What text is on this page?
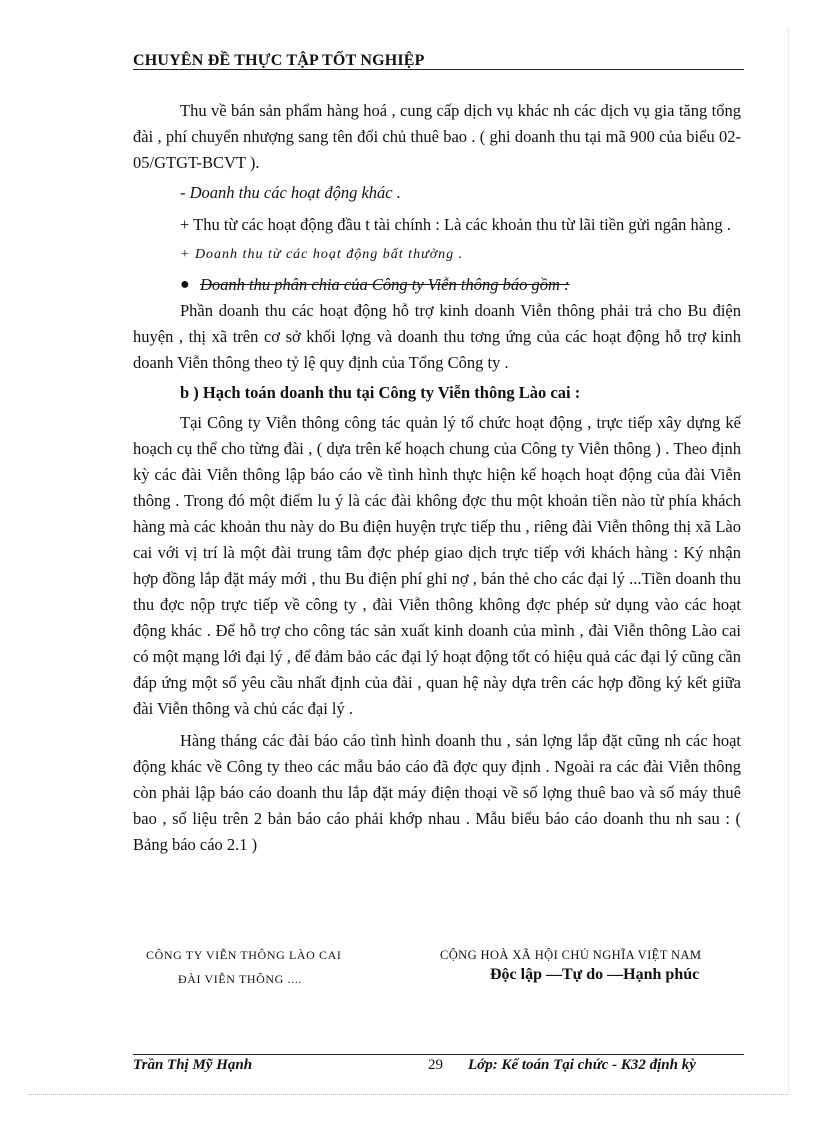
CHUYÊN ĐỀ THỰC TẬP TỐT NGHIỆP

Thu về bán sản phẩm hàng hoá , cung cấp dịch vụ khác nh các dịch vụ gia tăng tổng đài , phí chuyển nhượng sang tên đổi chủ thuê bao . ( ghi doanh thu tại mã 900 của biểu 02-05/GTGT-BCVT ).

- Doanh thu các hoạt động khác .

+ Thu từ các hoạt động đầu t tài chính : Là các khoản thu từ lãi tiền gửi ngân hàng .

+ Doanh thu từ các hoạt động bất thường .

● Doanh thu phân chia của Công ty Viễn thông báo gồm :

Phần doanh thu các hoạt động hỗ trợ kinh doanh Viễn thông phải trả cho Bu điện huyện , thị xã trên cơ sở khối lợng và doanh thu tơng ứng của các hoạt động hỗ trợ kinh doanh Viễn thông theo tỷ lệ quy định của Tổng Công ty .

b ) Hạch toán doanh thu tại Công ty Viễn thông Lào cai :

Tại Công ty Viễn thông công tác quản lý tổ chức hoạt động , trực tiếp xây dựng kế hoạch cụ thể cho từng đài , ( dựa trên kế hoạch chung của Công ty Viễn thông ) . Theo định kỳ các đài Viễn thông lập báo cáo về tình hình thực hiện kế hoạch hoạt động của đài Viễn thông . Trong đó một điểm lu ý là các đài không đợc thu một khoản tiền nào từ phía khách hàng mà các khoản thu này do Bu điện huyện trực tiếp thu , riêng đài Viễn thông thị xã Lào cai với vị trí là một đài trung tâm đợc phép giao dịch trực tiếp với khách hàng : Ký nhận hợp đồng lắp đặt máy mới , thu Bu điện phí ghi nợ , bán thẻ cho các đại lý ...Tiền doanh thu thu đợc nộp trực tiếp về công ty , đài Viễn thông không đợc phép sử dụng vào các hoạt động khác . Để hỗ trợ cho công tác sản xuất kinh doanh của mình , đài Viễn thông Lào cai có một mạng lới đại lý , để đảm bảo các đại lý hoạt động tốt có hiệu quả các đại lý cũng cần đáp ứng một số yêu cầu nhất định của đài , quan hệ này dựa trên các hợp đồng ký kết giữa đài Viễn thông và chủ các đại lý .

Hàng tháng các đài báo cáo tình hình doanh thu , sản lợng lắp đặt cũng nh các hoạt động khác về Công ty theo các mẫu báo cáo đã đợc quy định . Ngoài ra các đài Viễn thông còn phải lập báo cáo doanh thu lắp đặt máy điện thoại về số lợng thuê bao và số máy thuê bao , số liệu trên 2 bản báo cáo phải khớp nhau . Mẫu biểu báo cáo doanh thu nh sau : ( Bảng báo cáo 2.1 )

CÔNG TY VIỄN THÔNG LÀO CAI
ĐÀI VIỄN THÔNG ....
CỘNG HOÀ XÃ HỘI CHỦ NGHĨA VIỆT NAM
Độc lập —Tự do —Hạnh phúc
Trần Thị Mỹ Hạnh	29 Lớp: Kế toán Tại chức - K32 định kỳ
